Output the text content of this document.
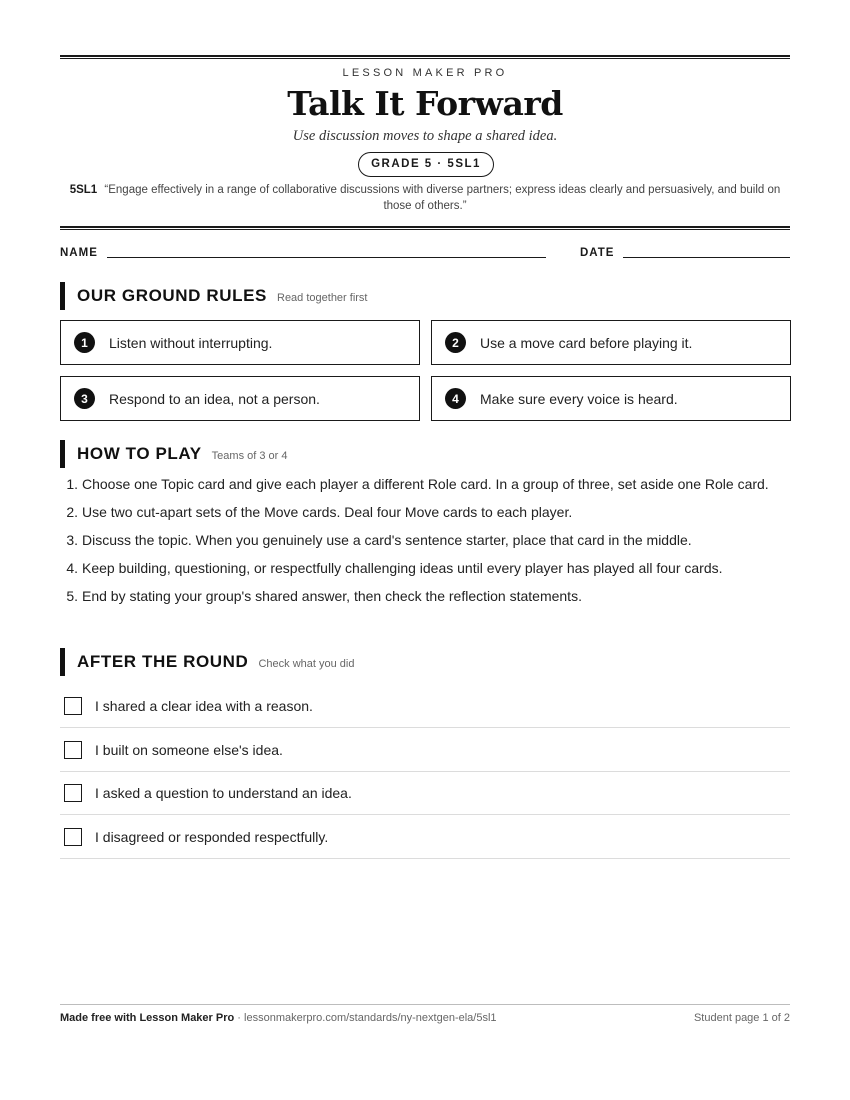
LESSON MAKER PRO
Talk It Forward
Use discussion moves to shape a shared idea.
GRADE 5 · 5SL1
5SL1 “Engage effectively in a range of collaborative discussions with diverse partners; express ideas clearly and persuasively, and build on those of others.”
NAME	DATE
OUR GROUND RULES Read together first
1	Listen without interrupting.	2	Use a move card before playing it.
3	Respond to an idea, not a person.	4	Make sure every voice is heard.
HOW TO PLAY Teams of 3 or 4
1. Choose one Topic card and give each player a different Role card. In a group of three, set aside one Role card.
2. Use two cut-apart sets of the Move cards. Deal four Move cards to each player.
3. Discuss the topic. When you genuinely use a card's sentence starter, place that card in the middle.
4. Keep building, questioning, or respectfully challenging ideas until every player has played all four cards.
5. End by stating your group's shared answer, then check the reflection statements.
AFTER THE ROUND Check what you did
I shared a clear idea with a reason.
I built on someone else's idea.
I asked a question to understand an idea.
I disagreed or responded respectfully.
Made free with Lesson Maker Pro · lessonmakerpro.com/standards/ny-nextgen-ela/5sl1	Student page 1 of 2
